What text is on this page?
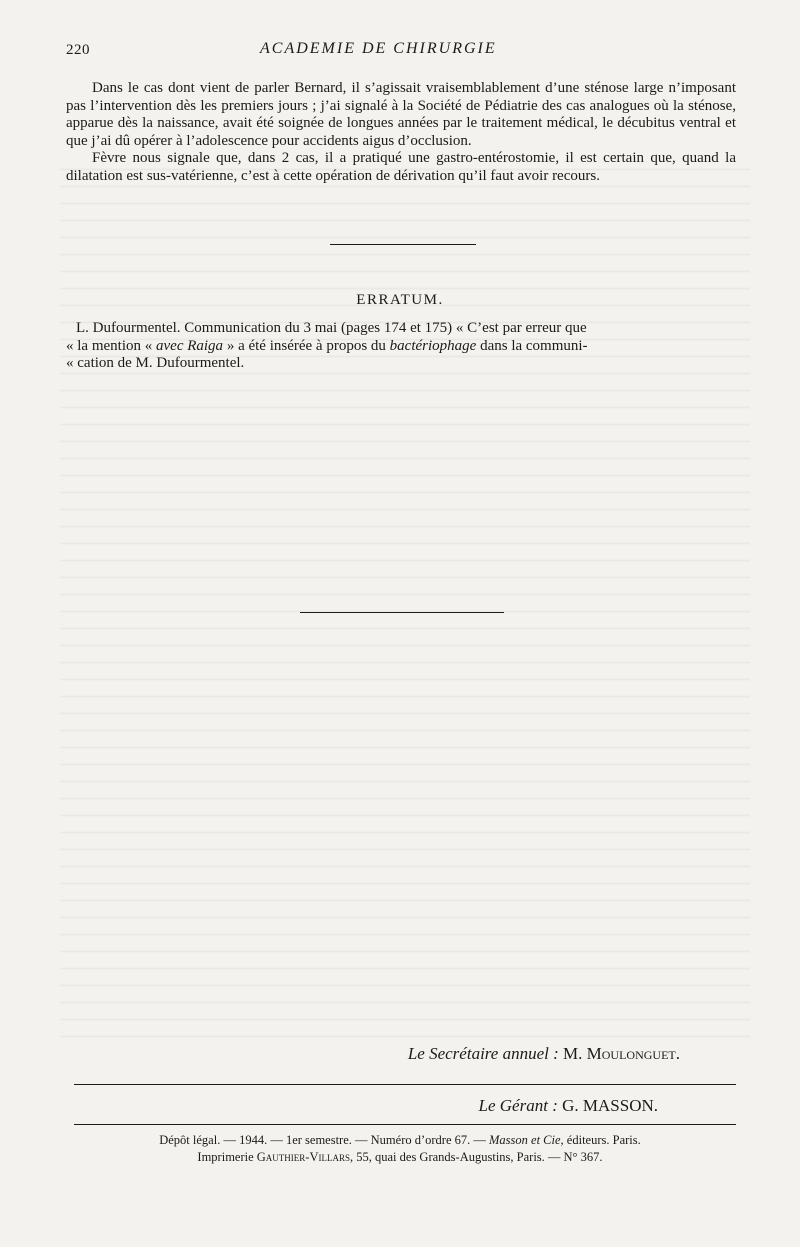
220	ACADEMIE DE CHIRURGIE

Dans le cas dont vient de parler Bernard, il s’agissait vraisemblablement d’une sténose large n’imposant pas l’intervention dès les premiers jours ; j’ai signalé à la Société de Pédiatrie des cas analogues où la sténose, apparue dès la naissance, avait été soignée de longues années par le traitement médical, le décubitus ventral et que j’ai dû opérer à l’adolescence pour accidents aigus d’occlusion.

Fèvre nous signale que, dans 2 cas, il a pratiqué une gastro-entérostomie, il est certain que, quand la dilatation est sus-vatérienne, c’est à cette opération de dérivation qu’il faut avoir recours.

ERRATUM.

L. Dufourmentel. Communication du 3 mai (pages 174 et 175) « C’est par erreur que

« la mention « avec Raiga » a été insérée à propos du bactériophage dans la communi-

« cation de M. Dufourmentel.

Le Secrétaire annuel : M. Moulonguet.
Le Gérant : G. MASSON.
Dépôt légal. — 1944. — 1er semestre. — Numéro d’ordre 67. — Masson et Cie, éditeurs. Paris.
Imprimerie Gauthier-Villars, 55, quai des Grands-Augustins, Paris. — N° 367.
